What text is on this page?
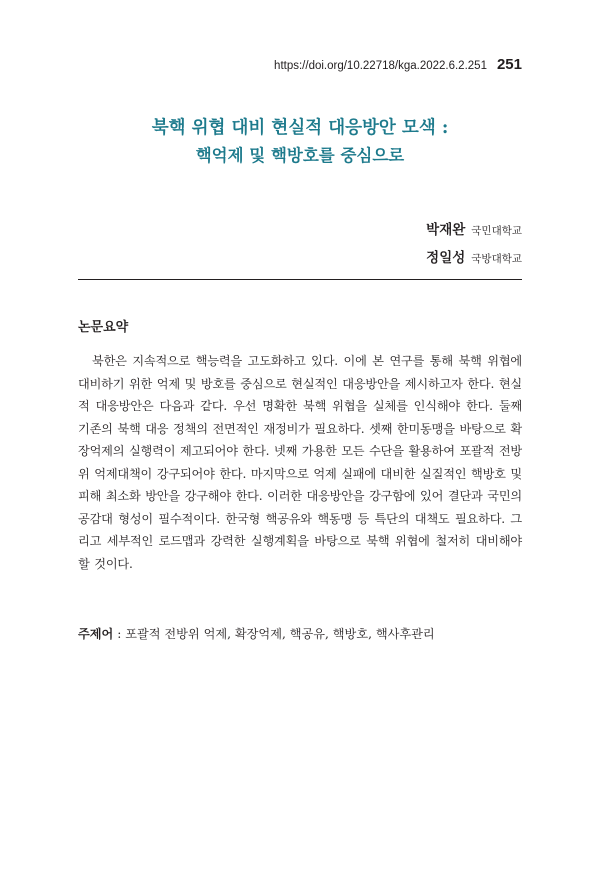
https://doi.org/10.22718/kga.2022.6.2.251 251
북핵 위협 대비 현실적 대응방안 모색 :
핵억제 및 핵방호를 중심으로
박재완 국민대학교
정일성 국방대학교
논문요약

북한은 지속적으로 핵능력을 고도화하고 있다. 이에 본 연구를 통해 북핵 위협에 대비하기 위한 억제 및 방호를 중심으로 현실적인 대응방안을 제시하고자 한다. 현실적 대응방안은 다음과 같다. 우선 명확한 북핵 위협을 실체를 인식해야 한다. 둘째 기존의 북핵 대응 정책의 전면적인 재정비가 필요하다. 셋째 한미동맹을 바탕으로 확장억제의 실행력이 제고되어야 한다. 넷째 가용한 모든 수단을 활용하여 포괄적 전방위 억제대책이 강구되어야 한다. 마지막으로 억제 실패에 대비한 실질적인 핵방호 및 피해 최소화 방안을 강구해야 한다. 이러한 대응방안을 강구함에 있어 결단과 국민의 공감대 형성이 필수적이다. 한국형 핵공유와 핵동맹 등 특단의 대책도 필요하다. 그리고 세부적인 로드맵과 강력한 실행계획을 바탕으로 북핵 위협에 철저히 대비해야 할 것이다.

주제어 : 포괄적 전방위 억제, 확장억제, 핵공유, 핵방호, 핵사후관리
